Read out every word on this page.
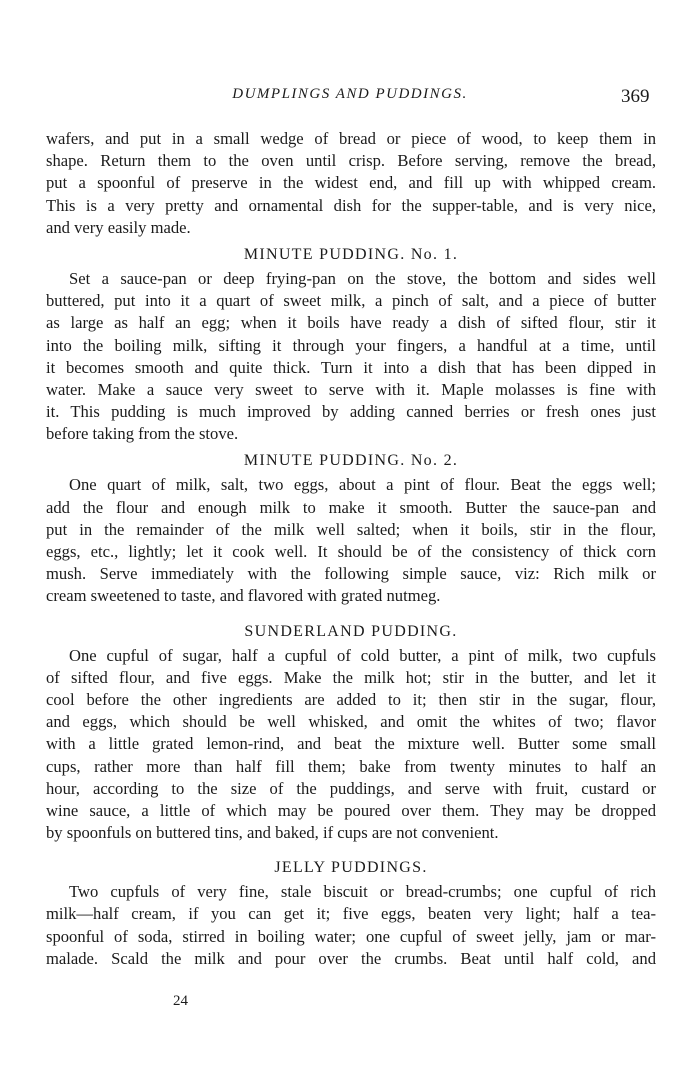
DUMPLINGS AND PUDDINGS.	369
wafers, and put in a small wedge of bread or piece of wood, to keep them in
shape. Return them to the oven until crisp. Before serving, remove the bread,
put a spoonful of preserve in the widest end, and fill up with whipped cream.
This is a very pretty and ornamental dish for the supper-table, and is very nice,
and very easily made.
MINUTE PUDDING. No. 1.
Set a sauce-pan or deep frying-pan on the stove, the bottom and sides well
buttered, put into it a quart of sweet milk, a pinch of salt, and a piece of butter
as large as half an egg; when it boils have ready a dish of sifted flour, stir it
into the boiling milk, sifting it through your fingers, a handful at a time, until
it becomes smooth and quite thick. Turn it into a dish that has been dipped in
water. Make a sauce very sweet to serve with it. Maple molasses is fine with
it. This pudding is much improved by adding canned berries or fresh ones just
before taking from the stove.
MINUTE PUDDING. No. 2.
One quart of milk, salt, two eggs, about a pint of flour. Beat the eggs well;
add the flour and enough milk to make it smooth. Butter the sauce-pan and
put in the remainder of the milk well salted; when it boils, stir in the flour,
eggs, etc., lightly; let it cook well. It should be of the consistency of thick corn
mush. Serve immediately with the following simple sauce, viz: Rich milk or
cream sweetened to taste, and flavored with grated nutmeg.
SUNDERLAND PUDDING.
One cupful of sugar, half a cupful of cold butter, a pint of milk, two cupfuls
of sifted flour, and five eggs. Make the milk hot; stir in the butter, and let it
cool before the other ingredients are added to it; then stir in the sugar, flour,
and eggs, which should be well whisked, and omit the whites of two; flavor
with a little grated lemon-rind, and beat the mixture well. Butter some small
cups, rather more than half fill them; bake from twenty minutes to half an
hour, according to the size of the puddings, and serve with fruit, custard or
wine sauce, a little of which may be poured over them. They may be dropped
by spoonfuls on buttered tins, and baked, if cups are not convenient.
JELLY PUDDINGS.
Two cupfuls of very fine, stale biscuit or bread-crumbs; one cupful of rich
milk—half cream, if you can get it; five eggs, beaten very light; half a tea-
spoonful of soda, stirred in boiling water; one cupful of sweet jelly, jam or mar-
malade. Scald the milk and pour over the crumbs. Beat until half cold, and
24
